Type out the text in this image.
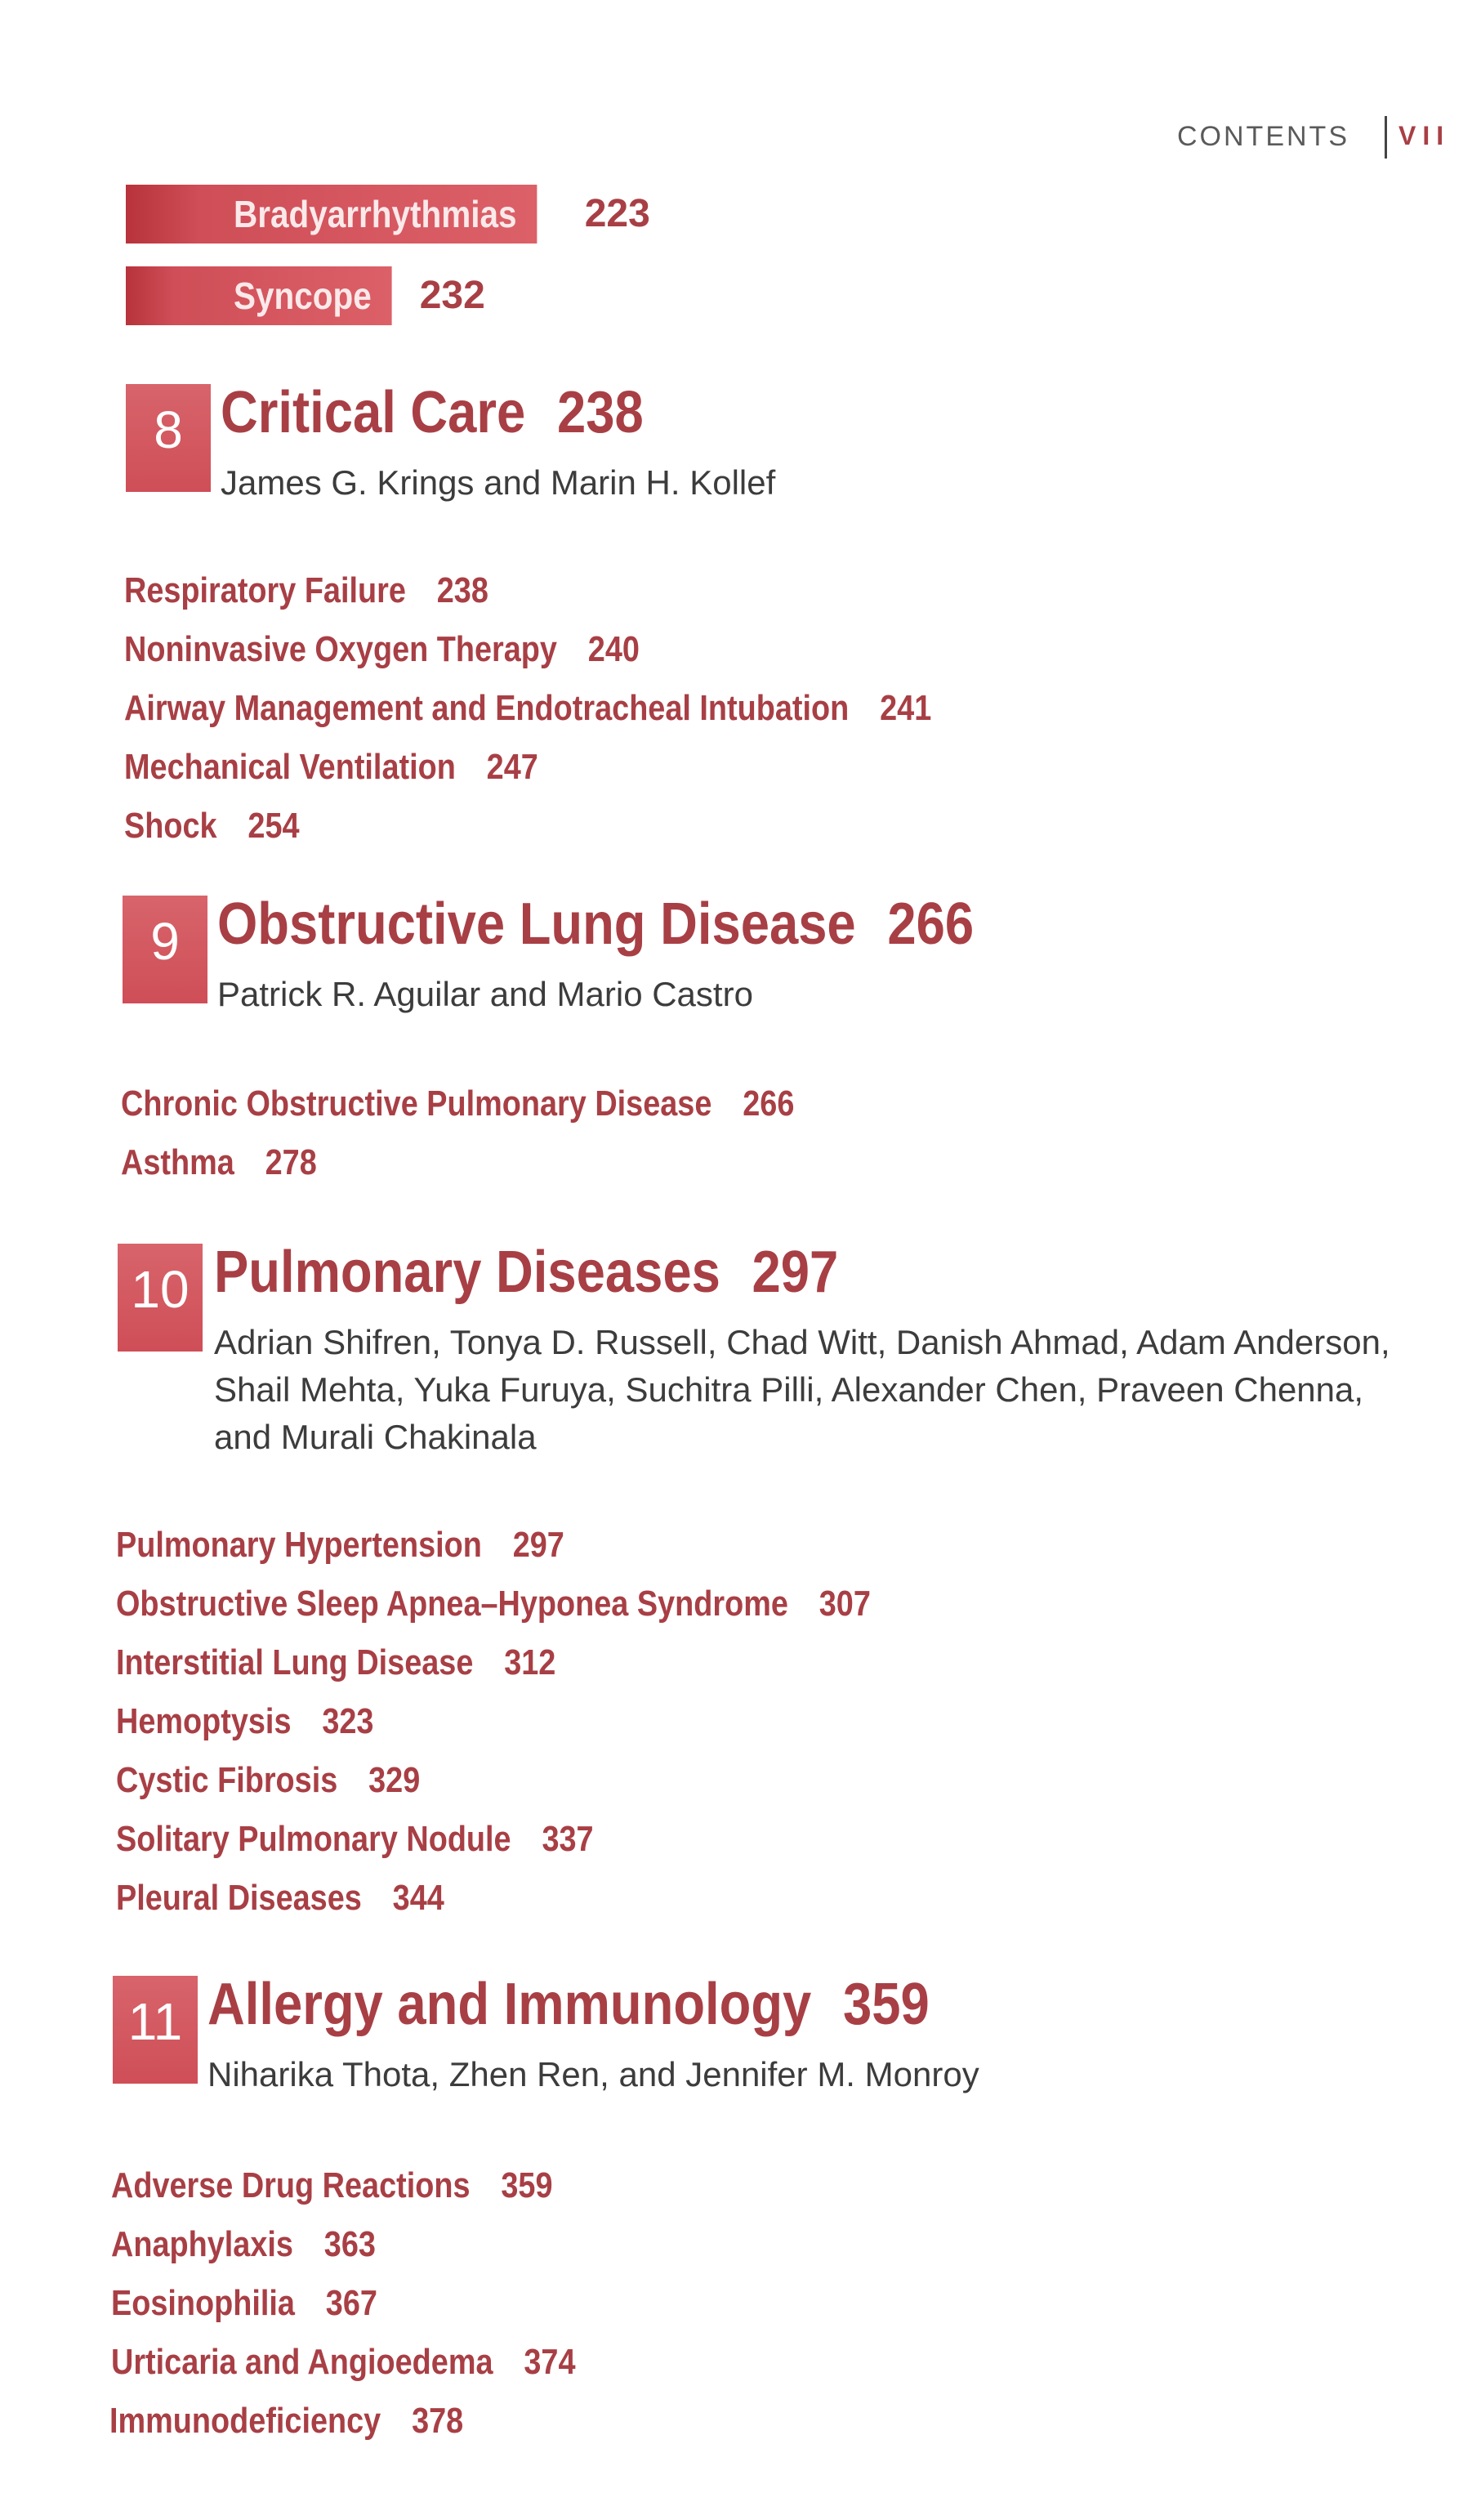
CONTENTS VII
Bradyarrhythmias 223
Syncope 232
8 Critical Care 238
James G. Krings and Marin H. Kollef
Respiratory Failure 238
Noninvasive Oxygen Therapy 240
Airway Management and Endotracheal Intubation 241
Mechanical Ventilation 247
Shock 254
9 Obstructive Lung Disease 266
Patrick R. Aguilar and Mario Castro
Chronic Obstructive Pulmonary Disease 266
Asthma 278
10 Pulmonary Diseases 297
Adrian Shifren, Tonya D. Russell, Chad Witt, Danish Ahmad, Adam Anderson,
Shail Mehta, Yuka Furuya, Suchitra Pilli, Alexander Chen, Praveen Chenna,
and Murali Chakinala
Pulmonary Hypertension 297
Obstructive Sleep Apnea–Hyponea Syndrome 307
Interstitial Lung Disease 312
Hemoptysis 323
Cystic Fibrosis 329
Solitary Pulmonary Nodule 337
Pleural Diseases 344
11 Allergy and Immunology 359
Niharika Thota, Zhen Ren, and Jennifer M. Monroy
Adverse Drug Reactions 359
Anaphylaxis 363
Eosinophilia 367
Urticaria and Angioedema 374
Immunodeficiency 378
